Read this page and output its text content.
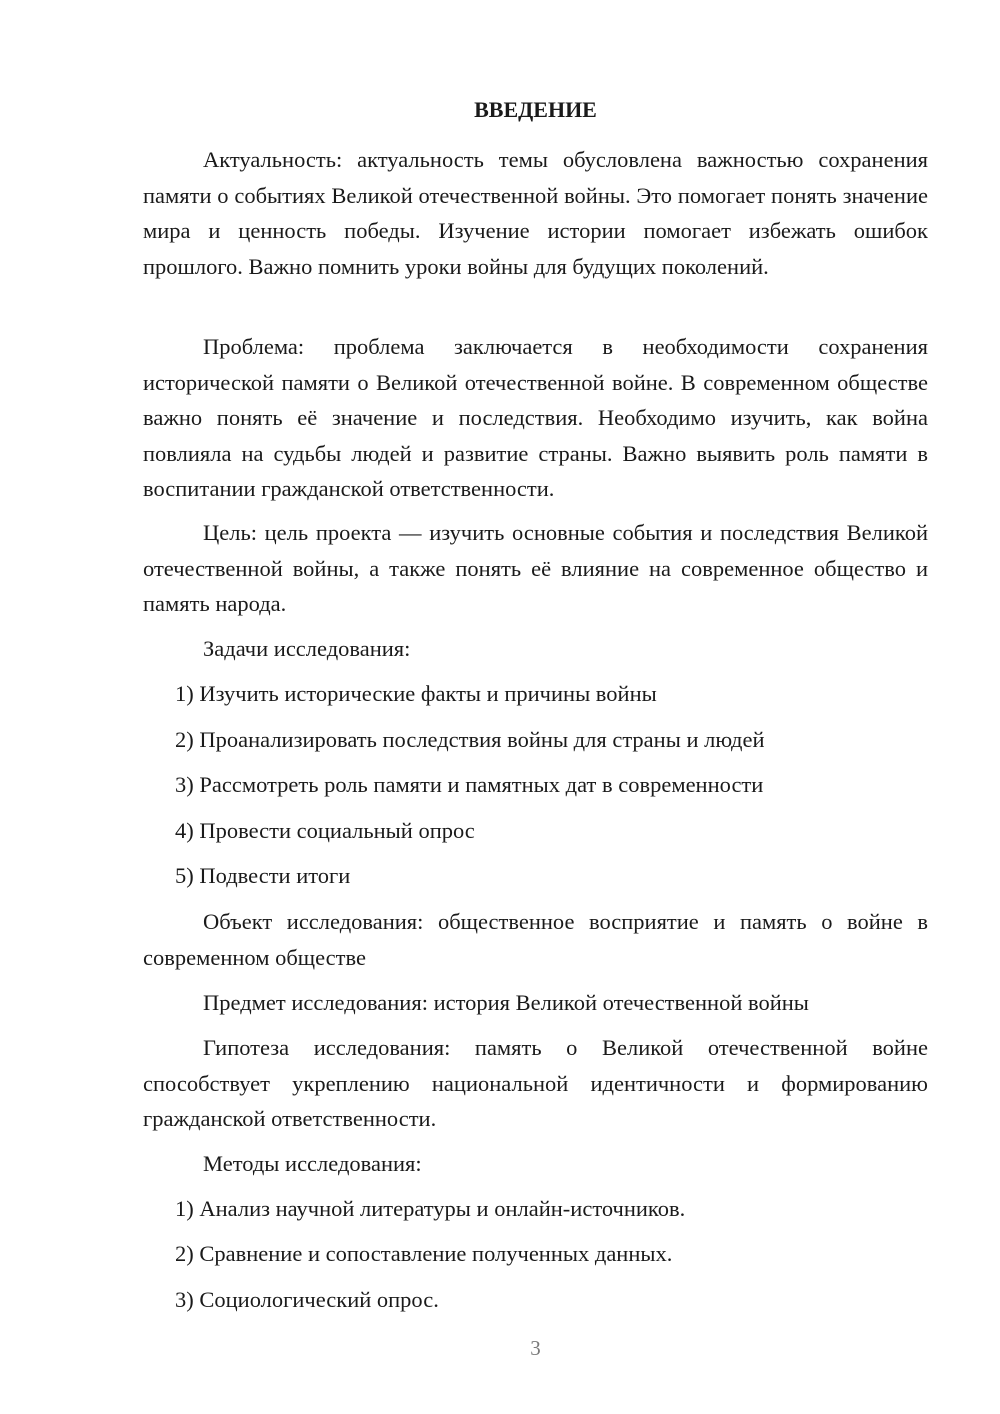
ВВЕДЕНИЕ

Актуальность: актуальность темы обусловлена важностью сохранения памяти о событиях Великой отечественной войны. Это помогает понять значение мира и ценность победы. Изучение истории помогает избежать ошибок прошлого. Важно помнить уроки войны для будущих поколений.

Проблема: проблема заключается в необходимости сохранения исторической памяти о Великой отечественной войне. В современном обществе важно понять её значение и последствия. Необходимо изучить, как война повлияла на судьбы людей и развитие страны. Важно выявить роль памяти в воспитании гражданской ответственности.

Цель: цель проекта — изучить основные события и последствия Великой отечественной войны, а также понять её влияние на современное общество и память народа.

Задачи исследования:

1) Изучить исторические факты и причины войны

2) Проанализировать последствия войны для страны и людей

3) Рассмотреть роль памяти и памятных дат в современности

4) Провести социальный опрос

5) Подвести итоги

Объект исследования: общественное восприятие и память о войне в современном обществе

Предмет исследования: история Великой отечественной войны

Гипотеза исследования: память о Великой отечественной войне способствует укреплению национальной идентичности и формированию гражданской ответственности.

Методы исследования:

1) Анализ научной литературы и онлайн-источников.

2) Сравнение и сопоставление полученных данных.

3) Социологический опрос.

3
